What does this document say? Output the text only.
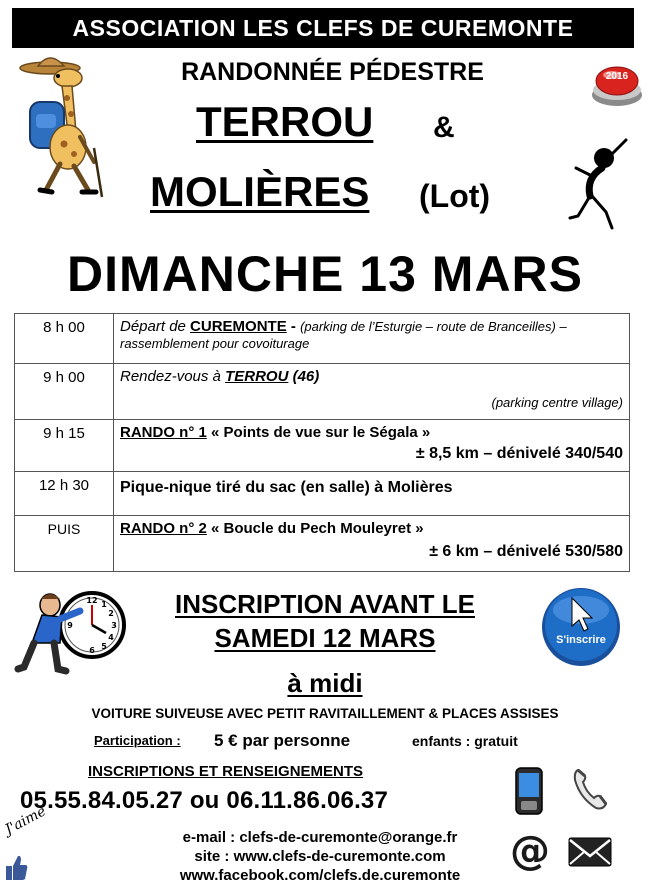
ASSOCIATION LES CLEFS DE CUREMONTE
RANDONNÉE PÉDESTRE
TERROU &
MOLIÈRES (Lot)
2016
DIMANCHE 13 MARS
8 h 00	Départ de CUREMONTE - (parking de l’Esturgie – route de Branceilles) – rassemblement pour covoiturage
9 h 00	Rendez-vous à TERROU (46)
(parking centre village)

9 h 15	RANDO n° 1 « Points de vue sur le Ségala »
± 8,5 km – dénivelé 340/540

12 h 30	Pique-nique tiré du sac (en salle) à Molières
PUIS	RANDO n° 2 « Boucle du Pech Mouleyret »
± 6 km – dénivelé 530/580
12
3
6
9
1
2
4
5
INSCRIPTION AVANT LE
SAMEDI 12 MARS
à midi
S'inscrire
VOITURE SUIVEUSE AVEC PETIT RAVITAILLEMENT & PLACES ASSISES
Participation : 5 € par personne	enfants : gratuit
INSCRIPTIONS ET RENSEIGNEMENTS
05.55.84.05.27 ou 06.11.86.06.37
e-mail : clefs-de-curemonte@orange.fr
site : www.clefs-de-curemonte.com
www.facebook.com/clefs.de.curemonte
J'aime
@
